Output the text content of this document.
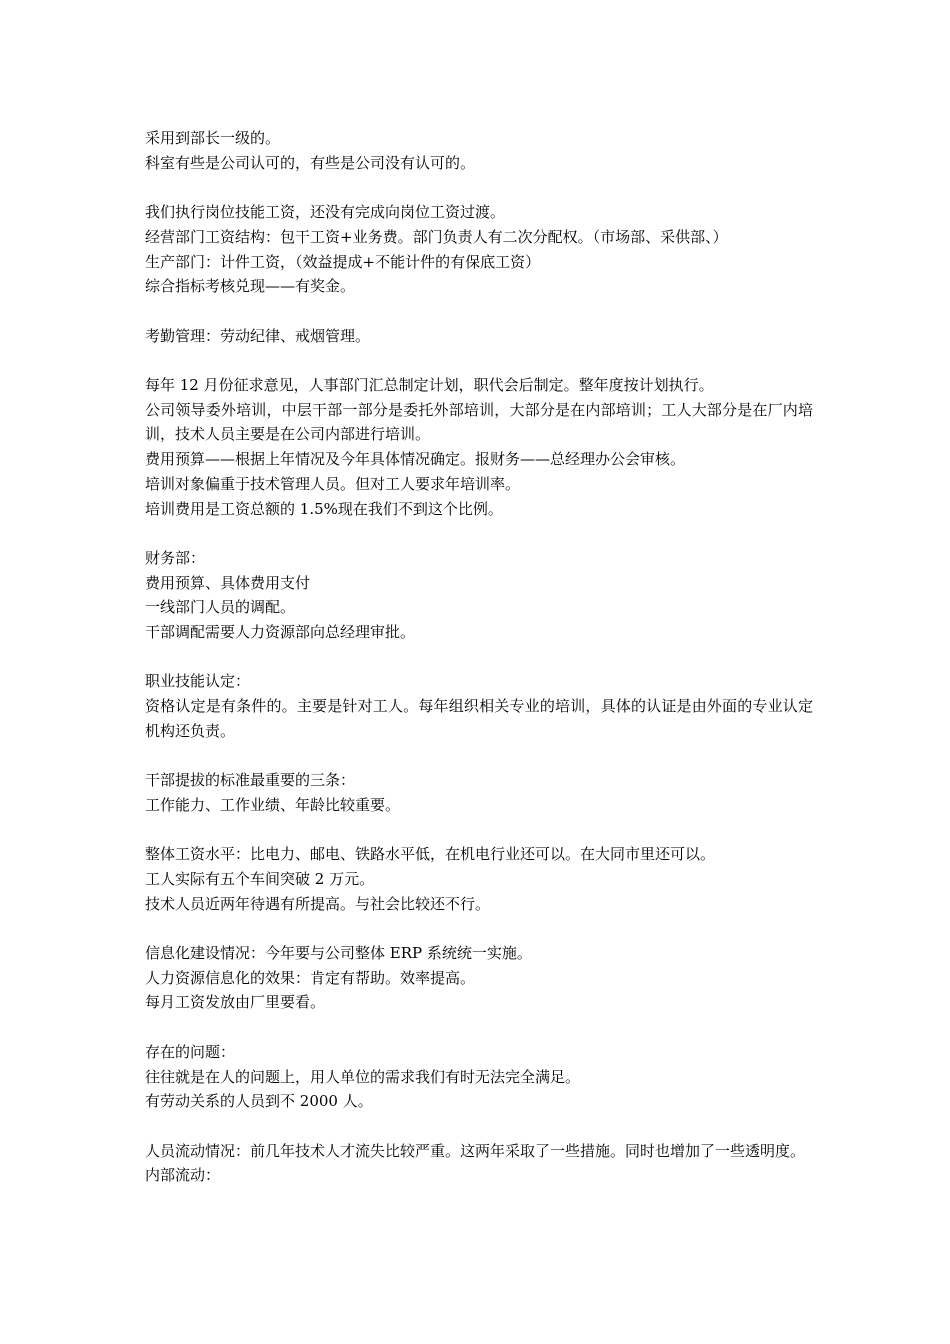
采用到部长一级的。
科室有些是公司认可的，有些是公司没有认可的。
我们执行岗位技能工资，还没有完成向岗位工资过渡。
经营部门工资结构：包干工资+业务费。部门负责人有二次分配权。（市场部、采供部、）
生产部门：计件工资，（效益提成+不能计件的有保底工资）
综合指标考核兑现——有奖金。
考勤管理：劳动纪律、戒烟管理。
每年 12 月份征求意见，人事部门汇总制定计划，职代会后制定。整年度按计划执行。
公司领导委外培训，中层干部一部分是委托外部培训，大部分是在内部培训；工人大部分是在厂内培训，技术人员主要是在公司内部进行培训。
费用预算——根据上年情况及今年具体情况确定。报财务——总经理办公会审核。
培训对象偏重于技术管理人员。但对工人要求年培训率。
培训费用是工资总额的 1.5%现在我们不到这个比例。
财务部：
费用预算、具体费用支付
一线部门人员的调配。
干部调配需要人力资源部向总经理审批。
职业技能认定：
资格认定是有条件的。主要是针对工人。每年组织相关专业的培训，具体的认证是由外面的专业认定机构还负责。
干部提拔的标准最重要的三条：
工作能力、工作业绩、年龄比较重要。
整体工资水平：比电力、邮电、铁路水平低，在机电行业还可以。在大同市里还可以。
工人实际有五个车间突破 2 万元。
技术人员近两年待遇有所提高。与社会比较还不行。
信息化建设情况：今年要与公司整体 ERP 系统统一实施。
人力资源信息化的效果：肯定有帮助。效率提高。
每月工资发放由厂里要看。
存在的问题：
往往就是在人的问题上，用人单位的需求我们有时无法完全满足。
有劳动关系的人员到不 2000 人。
人员流动情况：前几年技术人才流失比较严重。这两年采取了一些措施。同时也增加了一些透明度。
内部流动：
